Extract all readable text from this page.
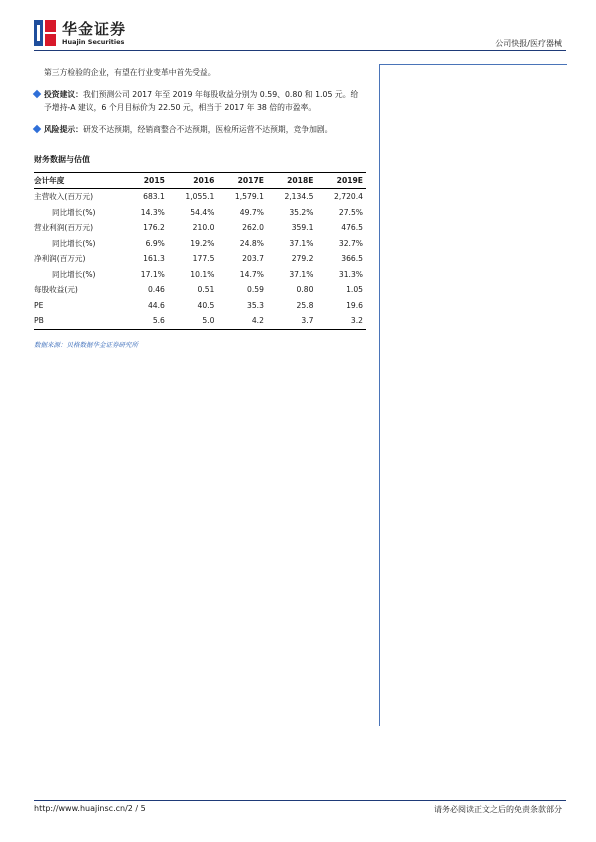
华金证券
Huajin Securities	公司快报/医疗器械
第三方检验的企业，有望在行业变革中首先受益。
投资建议：我们预测公司 2017 年至 2019 年每股收益分别为 0.59、0.80 和 1.05 元。给予增持-A 建议，6 个月目标价为 22.50 元，相当于 2017 年 38 倍的市盈率。
风险提示：研发不达预期，经销商整合不达预期，医检所运营不达预期，竞争加剧。
财务数据与估值
会计年度	2015	2016	2017E	2018E	2019E
主营收入(百万元)	683.1	1,055.1	1,579.1	2,134.5	2,720.4
同比增长(%)	14.3%	54.4%	49.7%	35.2%	27.5%
营业利润(百万元)	176.2	210.0	262.0	359.1	476.5
同比增长(%)	6.9%	19.2%	24.8%	37.1%	32.7%
净利润(百万元)	161.3	177.5	203.7	279.2	366.5
同比增长(%)	17.1%	10.1%	14.7%	37.1%	31.3%
每股收益(元)	0.46	0.51	0.59	0.80	1.05
PE	44.6	40.5	35.3	25.8	19.6
PB	5.6	5.0	4.2	3.7	3.2
数据来源：贝格数据华金证券研究所
http://www.huajinsc.cn/2 / 5	请务必阅读正文之后的免责条款部分
